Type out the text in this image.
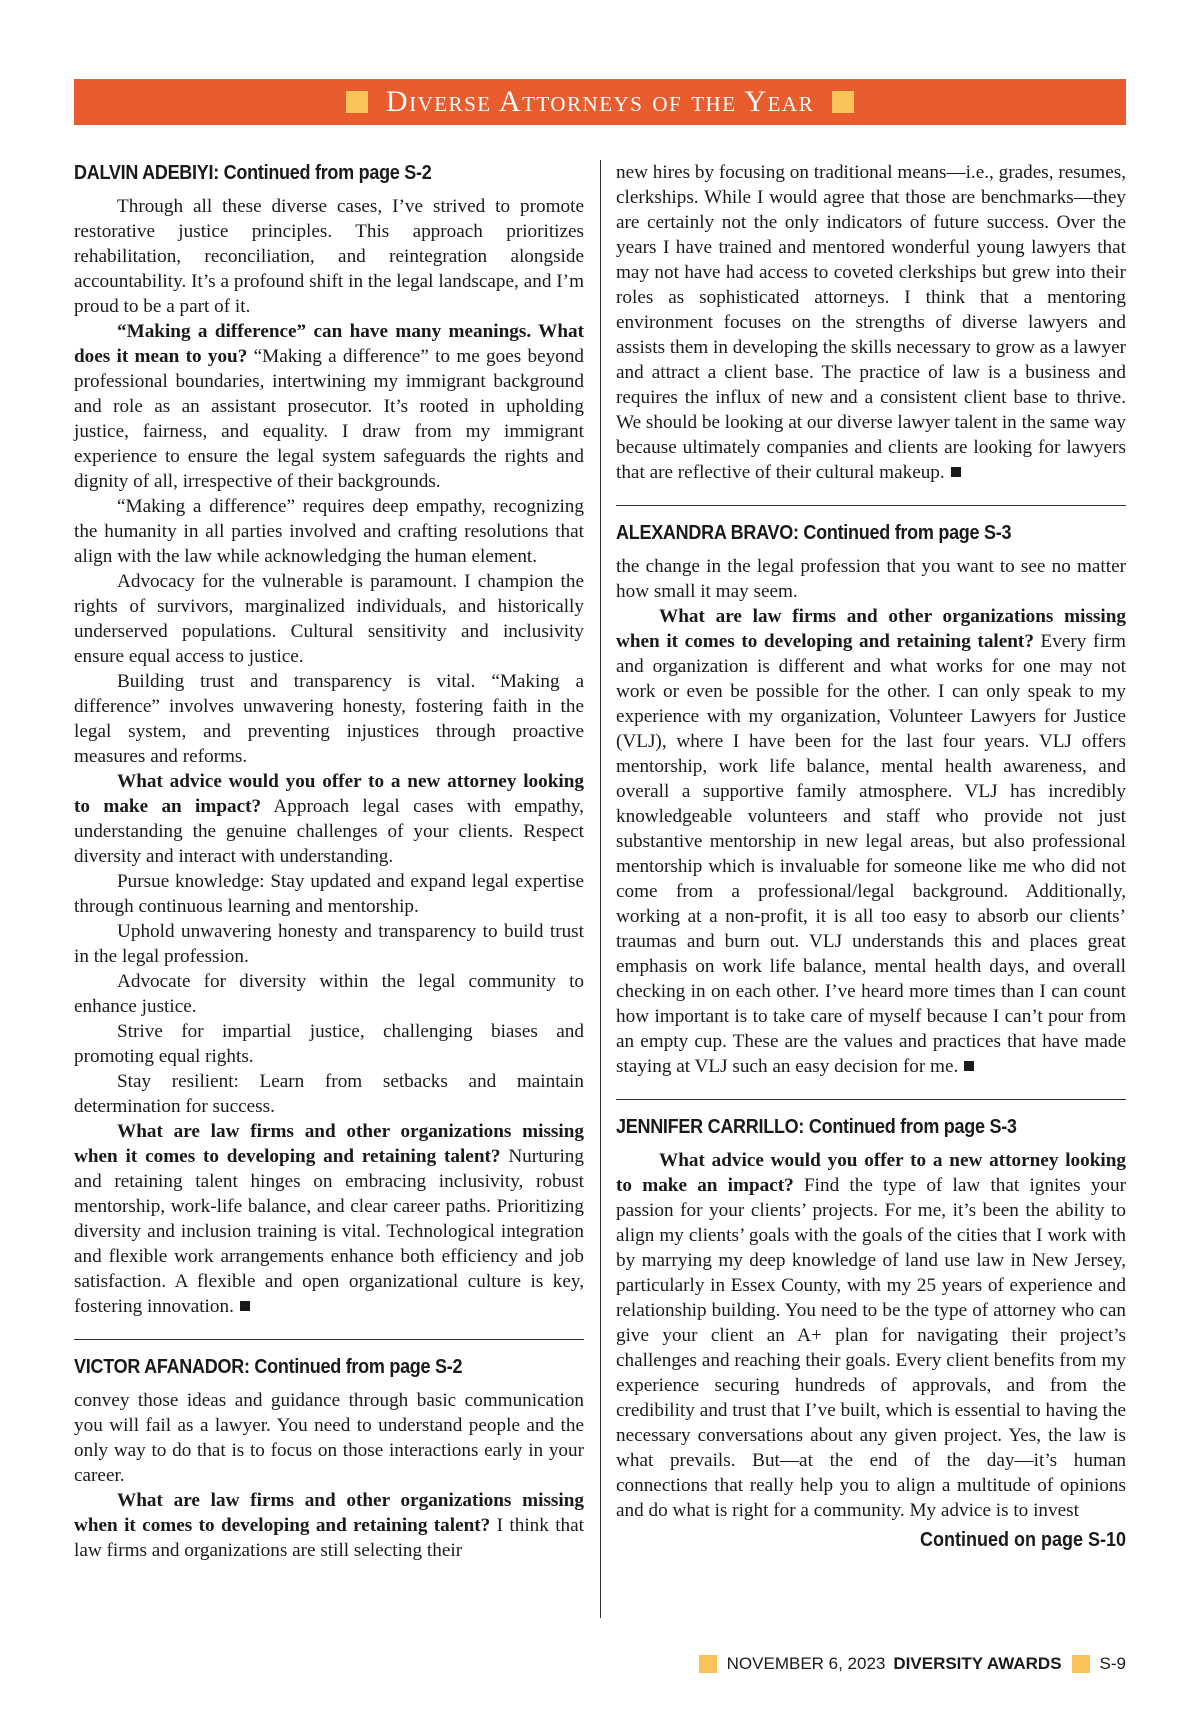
Diverse Attorneys of the Year
DALVIN ADEBIYI: Continued from page S-2

Through all these diverse cases, I’ve strived to promote restorative justice principles. This approach prioritizes rehabilitation, reconciliation, and reintegration alongside accountability. It’s a profound shift in the legal landscape, and I’m proud to be a part of it.

“Making a difference” can have many meanings. What does it mean to you? “Making a difference” to me goes beyond professional boundaries, intertwining my immigrant background and role as an assistant prosecutor. It’s rooted in upholding justice, fairness, and equality. I draw from my immigrant experience to ensure the legal system safeguards the rights and dignity of all, irrespective of their backgrounds.

“Making a difference” requires deep empathy, recognizing the humanity in all parties involved and crafting resolutions that align with the law while acknowledging the human element.

Advocacy for the vulnerable is paramount. I champion the rights of survivors, marginalized individuals, and historically underserved populations. Cultural sensitivity and inclusivity ensure equal access to justice.

Building trust and transparency is vital. “Making a difference” involves unwavering honesty, fostering faith in the legal system, and preventing injustices through proactive measures and reforms.

What advice would you offer to a new attorney looking to make an impact? Approach legal cases with empathy, understanding the genuine challenges of your clients. Respect diversity and interact with understanding.

Pursue knowledge: Stay updated and expand legal expertise through continuous learning and mentorship.

Uphold unwavering honesty and transparency to build trust in the legal profession.

Advocate for diversity within the legal community to enhance justice.

Strive for impartial justice, challenging biases and promoting equal rights.

Stay resilient: Learn from setbacks and maintain determination for success.

What are law firms and other organizations missing when it comes to developing and retaining talent? Nurturing and retaining talent hinges on embracing inclusivity, robust mentorship, work-life balance, and clear career paths. Prioritizing diversity and inclusion training is vital. Technological integration and flexible work arrangements enhance both efficiency and job satisfaction. A flexible and open organizational culture is key, fostering innovation.

VICTOR AFANADOR: Continued from page S-2

convey those ideas and guidance through basic communication you will fail as a lawyer. You need to understand people and the only way to do that is to focus on those interactions early in your career.

What are law firms and other organizations missing when it comes to developing and retaining talent? I think that law firms and organizations are still selecting their

new hires by focusing on traditional means—i.e., grades, resumes, clerkships. While I would agree that those are benchmarks—they are certainly not the only indicators of future success. Over the years I have trained and mentored wonderful young lawyers that may not have had access to coveted clerkships but grew into their roles as sophisticated attorneys. I think that a mentoring environment focuses on the strengths of diverse lawyers and assists them in developing the skills necessary to grow as a lawyer and attract a client base. The practice of law is a business and requires the influx of new and a consistent client base to thrive. We should be looking at our diverse lawyer talent in the same way because ultimately companies and clients are looking for lawyers that are reflective of their cultural makeup.

ALEXANDRA BRAVO: Continued from page S-3

the change in the legal profession that you want to see no matter how small it may seem.

What are law firms and other organizations missing when it comes to developing and retaining talent? Every firm and organization is different and what works for one may not work or even be possible for the other. I can only speak to my experience with my organization, Volunteer Lawyers for Justice (VLJ), where I have been for the last four years. VLJ offers mentorship, work life balance, mental health awareness, and overall a supportive family atmosphere. VLJ has incredibly knowledgeable volunteers and staff who provide not just substantive mentorship in new legal areas, but also professional mentorship which is invaluable for someone like me who did not come from a professional/legal background. Additionally, working at a non-profit, it is all too easy to absorb our clients’ traumas and burn out. VLJ understands this and places great emphasis on work life balance, mental health days, and overall checking in on each other. I’ve heard more times than I can count how important is to take care of myself because I can’t pour from an empty cup. These are the values and practices that have made staying at VLJ such an easy decision for me.

JENNIFER CARRILLO: Continued from page S-3

What advice would you offer to a new attorney looking to make an impact? Find the type of law that ignites your passion for your clients’ projects. For me, it’s been the ability to align my clients’ goals with the goals of the cities that I work with by marrying my deep knowledge of land use law in New Jersey, particularly in Essex County, with my 25 years of experience and relationship building. You need to be the type of attorney who can give your client an A+ plan for navigating their project’s challenges and reaching their goals. Every client benefits from my experience securing hundreds of approvals, and from the credibility and trust that I’ve built, which is essential to having the necessary conversations about any given project. Yes, the law is what prevails. But—at the end of the day—it’s human connections that really help you to align a multitude of opinions and do what is right for a community. My advice is to invest

Continued on page S-10
NOVEMBER 6, 2023 DIVERSITY AWARDS S-9
